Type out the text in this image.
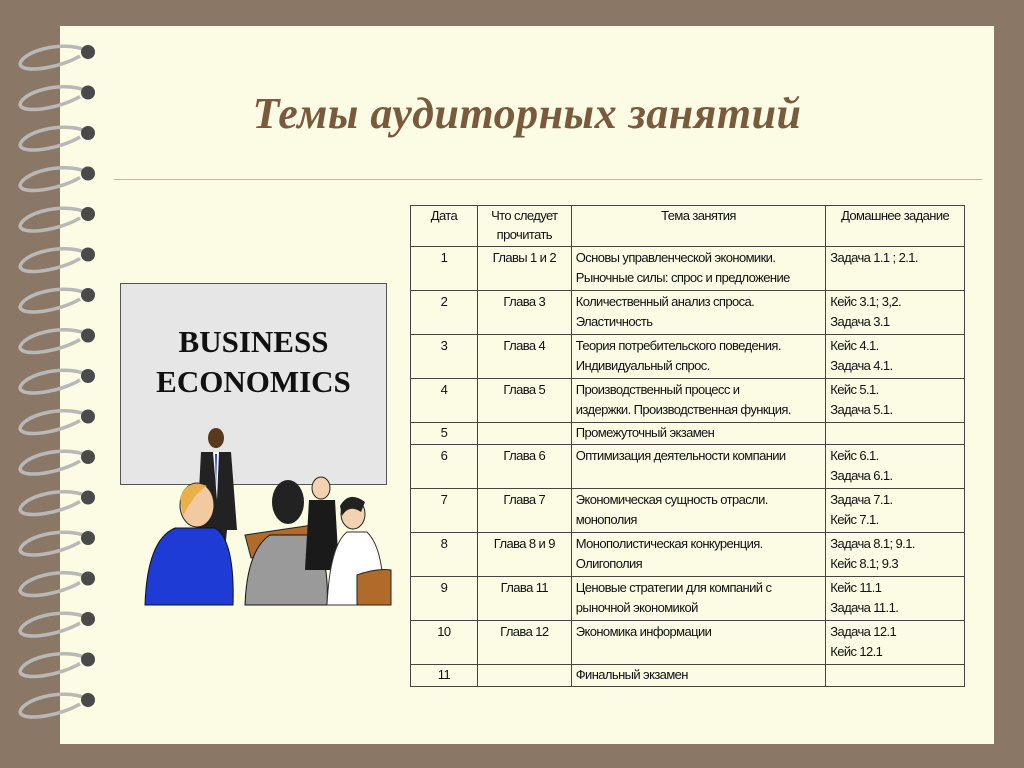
Темы аудиторных занятий
BUSINESS
ECONOMICS
Дата	Что следует прочитать	Тема занятия	Домашнее задание
1	Главы 1 и 2	Основы управленческой экономики.
Рыночные силы: спрос и предложение	Задача 1.1 ; 2.1.

2	Глава 3	Количественный анализ спроса.
Эластичность	Кейс 3.1; 3,2.
Задача 3.1

3	Глава 4	Теория потребительского поведения.
Индивидуальный спрос.	Кейс 4.1.
Задача 4.1.

4	Глава 5	Производственный процесс и
издержки. Производственная функция.	Кейс 5.1.
Задача 5.1.

5		Промежуточный экзамен	

6	Глава 6	Оптимизация деятельности компании	Кейс 6.1.
Задача 6.1.

7	Глава 7	Экономическая сущность отрасли.
монополия	Задача 7.1.
Кейс 7.1.

8	Глава 8 и 9	Монополистическая конкуренция.
Олигополия	Задача 8.1; 9.1.
Кейс 8.1; 9.3

9	Глава 11	Ценовые стратегии для компаний с
рыночной экономикой	Кейс 11.1
Задача 11.1.

10	Глава 12	Экономика информации	Задача 12.1
Кейс 12.1

11		Финальный экзамен	
